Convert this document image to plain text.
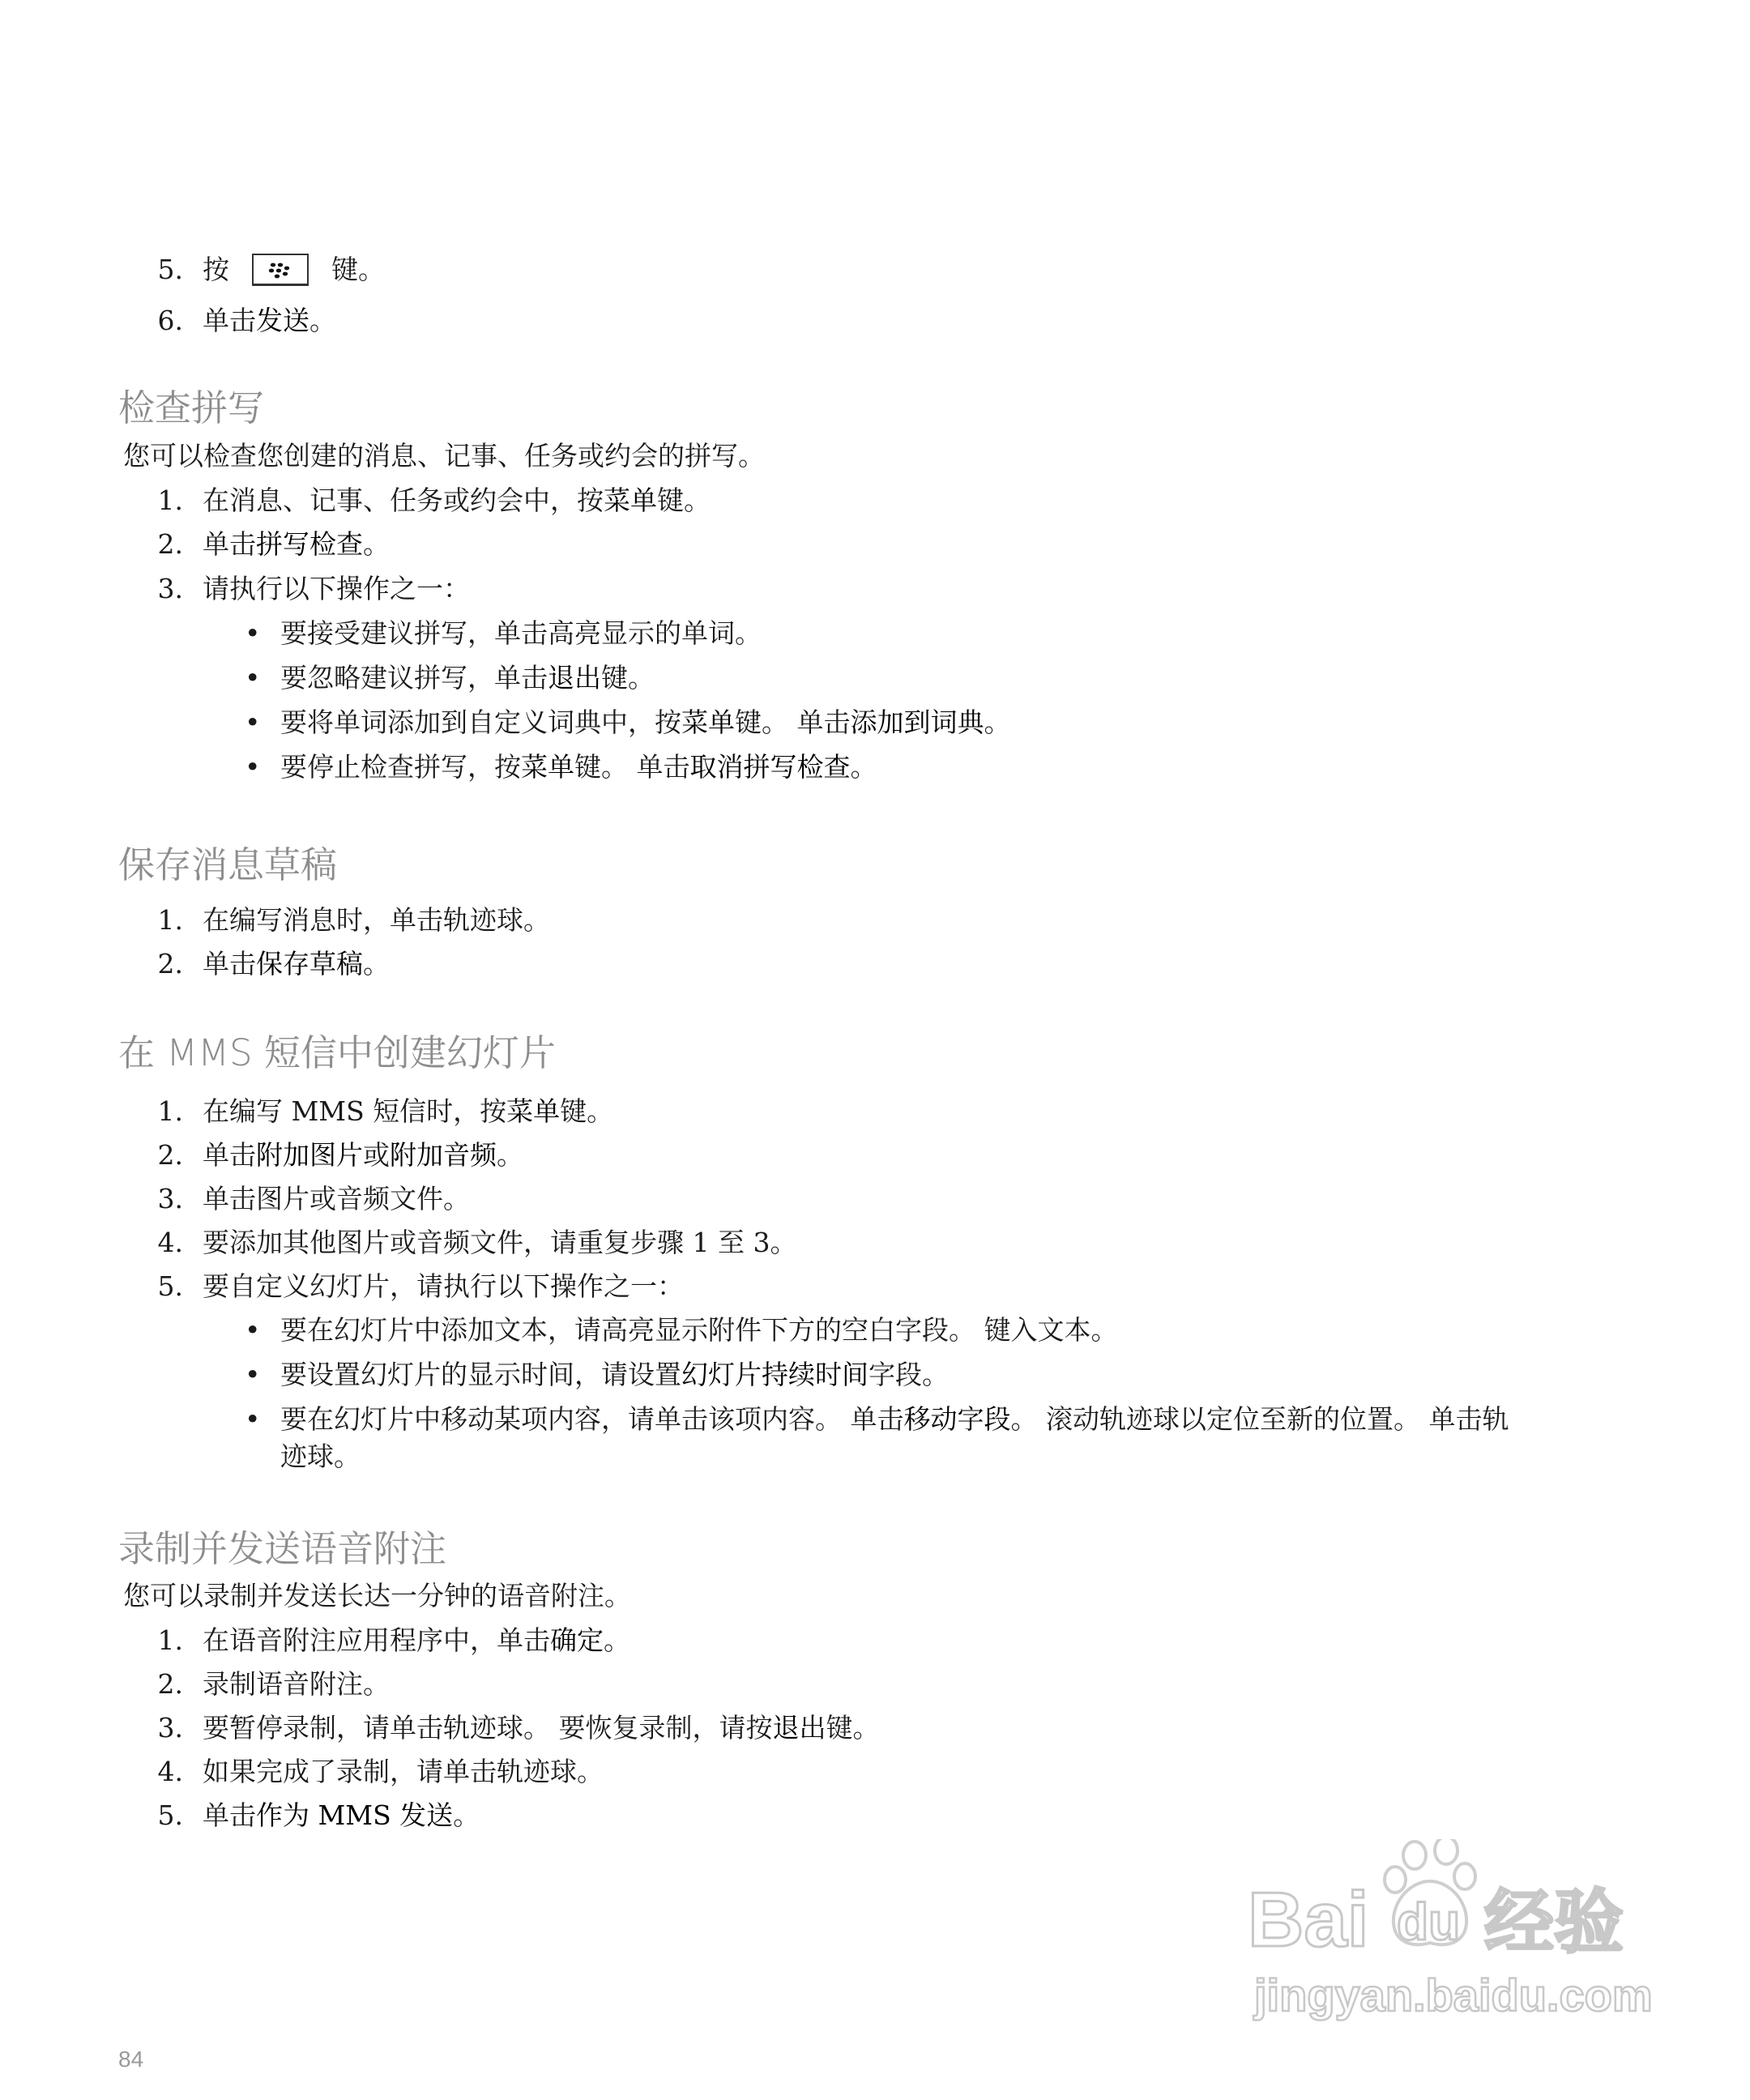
5. 按	键。
6. 单击发送。
检查拼写
您可以检查您创建的消息、记事、任务或约会的拼写。
1. 在消息、记事、任务或约会中，按菜单键。
2. 单击拼写检查。
3. 请执行以下操作之一：
• 要接受建议拼写，单击高亮显示的单词。
• 要忽略建议拼写，单击退出键。
• 要将单词添加到自定义词典中，按菜单键。 单击添加到词典。
• 要停止检查拼写，按菜单键。 单击取消拼写检查。
保存消息草稿
1. 在编写消息时，单击轨迹球。
2. 单击保存草稿。
在 MMS 短信中创建幻灯片
1. 在编写 MMS 短信时，按菜单键。
2. 单击附加图片或附加音频。
3. 单击图片或音频文件。
4. 要添加其他图片或音频文件，请重复步骤 1 至 3。
5. 要自定义幻灯片，请执行以下操作之一：
• 要在幻灯片中添加文本，请高亮显示附件下方的空白字段。 键入文本。
• 要设置幻灯片的显示时间，请设置幻灯片持续时间字段。
• 要在幻灯片中移动某项内容，请单击该项内容。 单击移动字段。 滚动轨迹球以定位至新的位置。 单击轨
迹球。
录制并发送语音附注
您可以录制并发送长达一分钟的语音附注。
1. 在语音附注应用程序中，单击确定。
2. 录制语音附注。
3. 要暂停录制，请单击轨迹球。 要恢复录制，请按退出键。
4. 如果完成了录制，请单击轨迹球。
5. 单击作为 MMS 发送。
Bai du 经验
jingyan.baidu.com
84
